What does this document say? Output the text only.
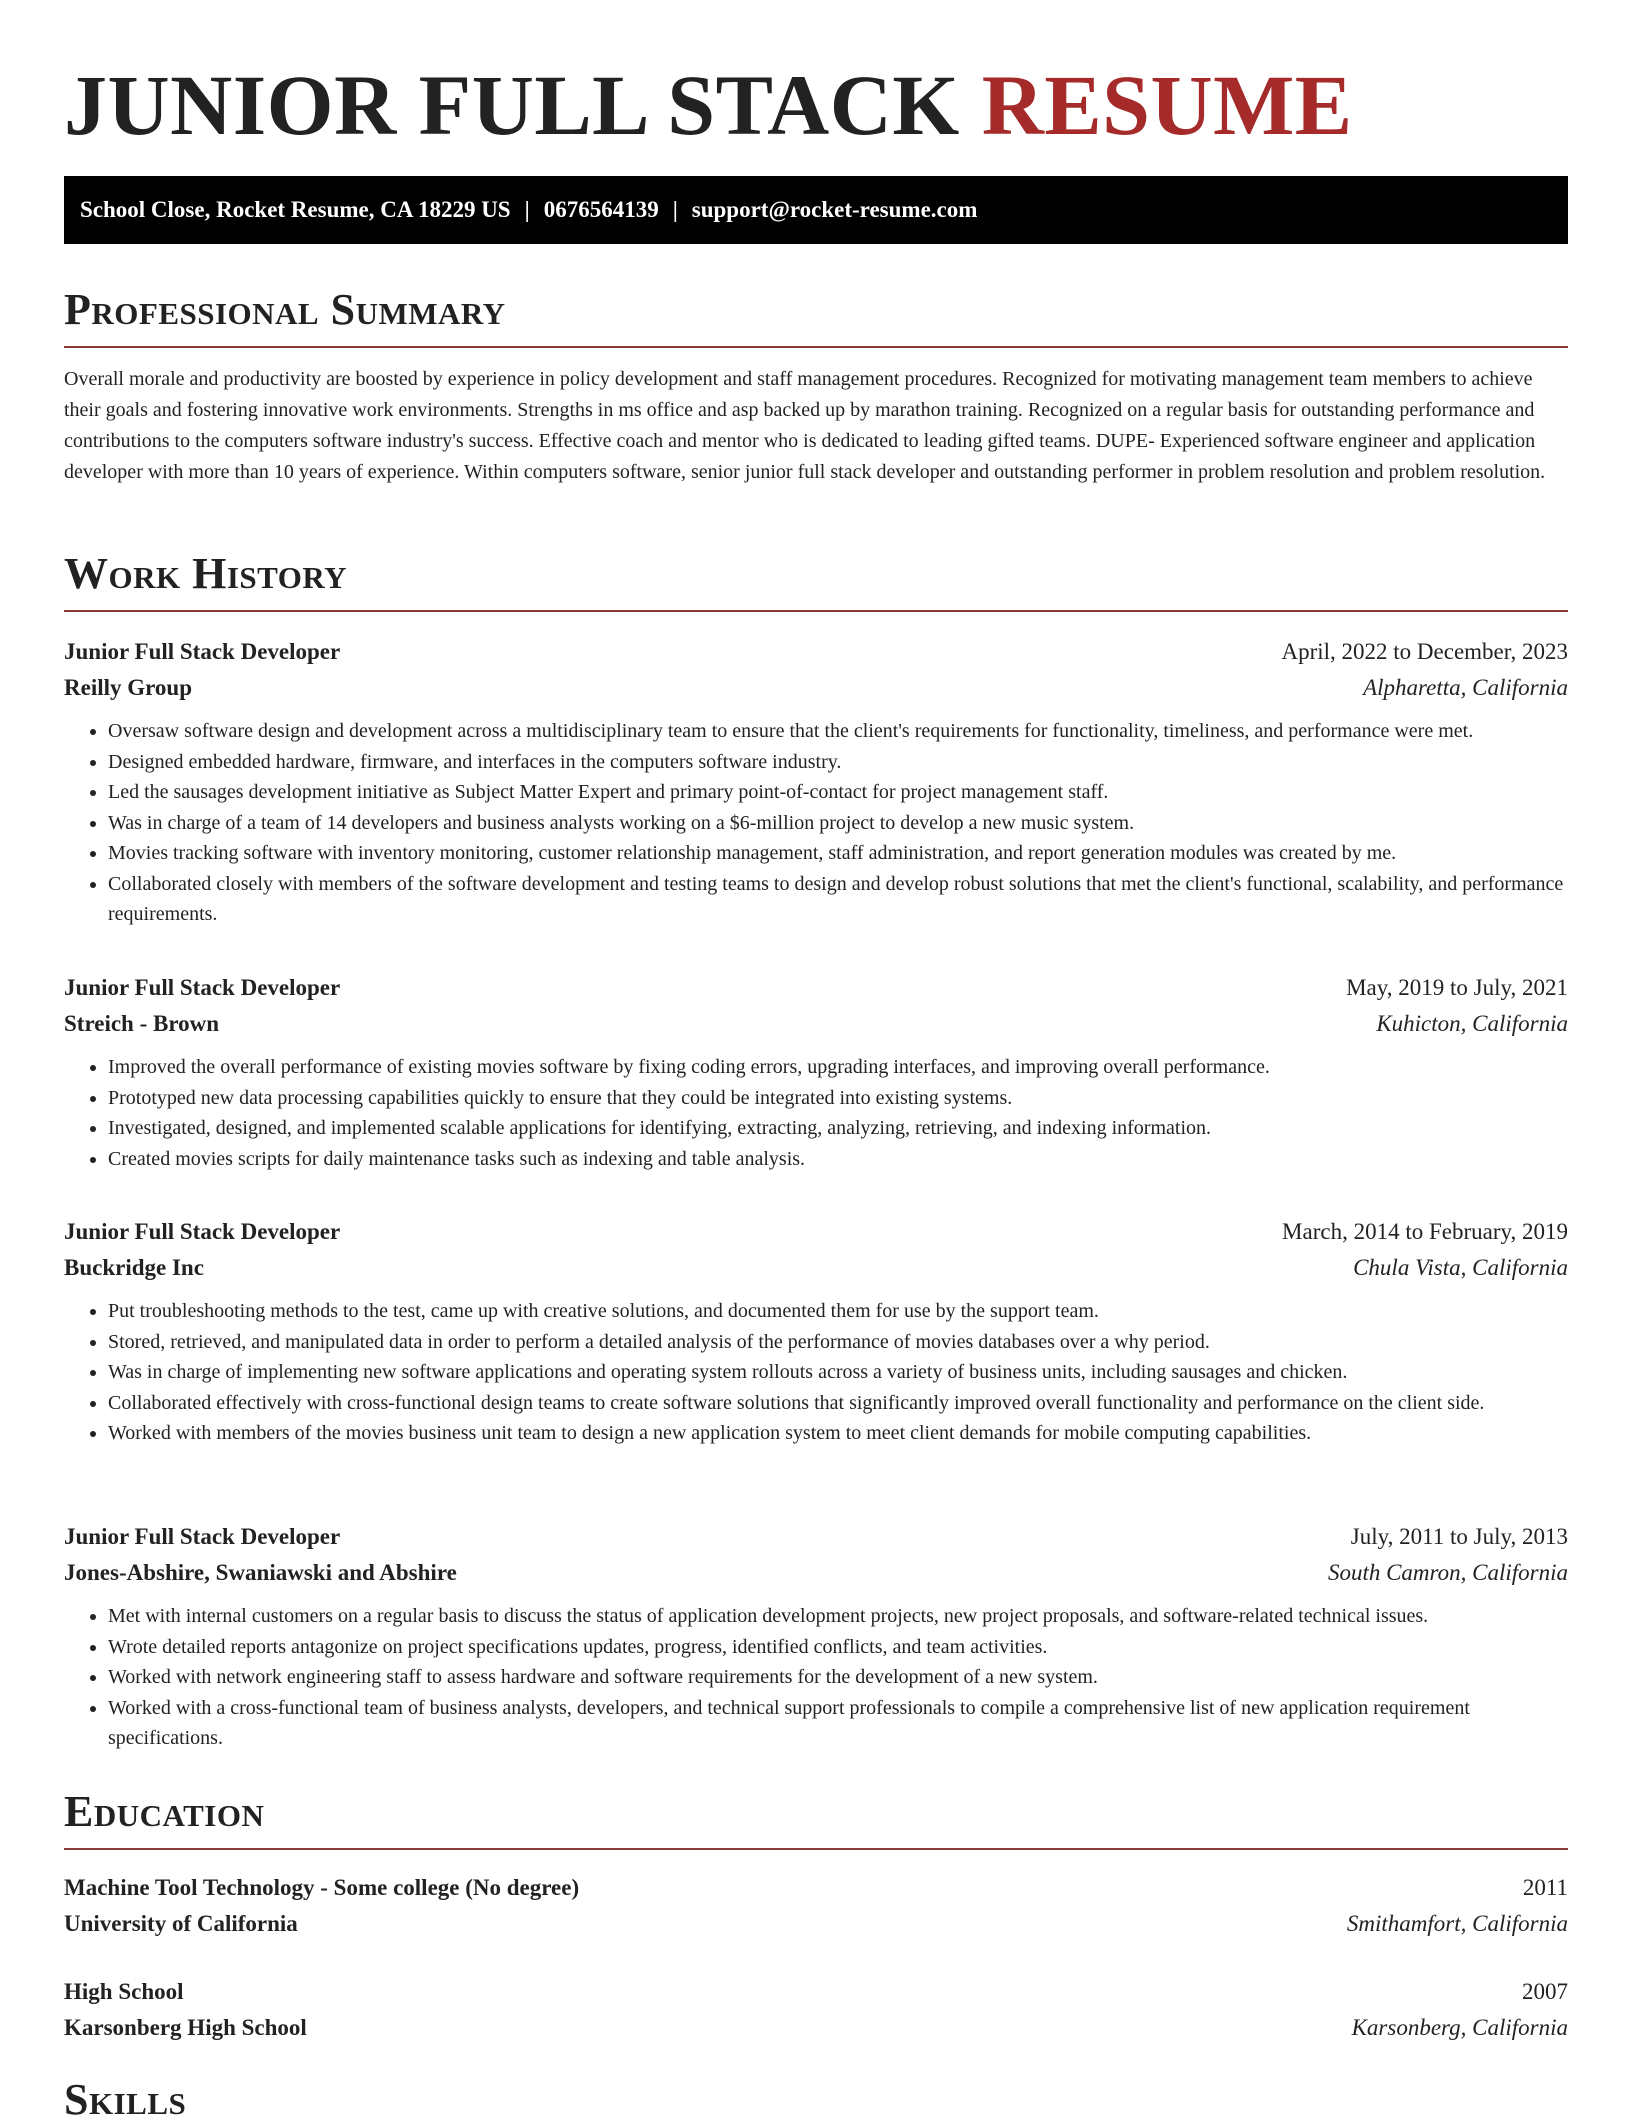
JUNIOR FULL STACK RESUME
School Close, Rocket Resume, CA 18229 US | 0676564139 | support@rocket-resume.com
Professional Summary

Overall morale and productivity are boosted by experience in policy development and staff management procedures. Recognized for motivating management team members to achieve their goals and fostering innovative work environments. Strengths in ms office and asp backed up by marathon training. Recognized on a regular basis for outstanding performance and contributions to the computers software industry's success. Effective coach and mentor who is dedicated to leading gifted teams. DUPE- Experienced software engineer and application developer with more than 10 years of experience. Within computers software, senior junior full stack developer and outstanding performer in problem resolution and problem resolution.

Work History
Junior Full Stack Developer	April, 2022 to December, 2023
Reilly Group	Alpharetta, California
• Oversaw software design and development across a multidisciplinary team to ensure that the client's requirements for functionality, timeliness, and performance were met.
• Designed embedded hardware, firmware, and interfaces in the computers software industry.
• Led the sausages development initiative as Subject Matter Expert and primary point-of-contact for project management staff.
• Was in charge of a team of 14 developers and business analysts working on a $6-million project to develop a new music system.
• Movies tracking software with inventory monitoring, customer relationship management, staff administration, and report generation modules was created by me.
• Collaborated closely with members of the software development and testing teams to design and develop robust solutions that met the client's functional, scalability, and performance requirements.
Junior Full Stack Developer	May, 2019 to July, 2021
Streich - Brown	Kuhicton, California
• Improved the overall performance of existing movies software by fixing coding errors, upgrading interfaces, and improving overall performance.
• Prototyped new data processing capabilities quickly to ensure that they could be integrated into existing systems.
• Investigated, designed, and implemented scalable applications for identifying, extracting, analyzing, retrieving, and indexing information.
• Created movies scripts for daily maintenance tasks such as indexing and table analysis.
Junior Full Stack Developer	March, 2014 to February, 2019
Buckridge Inc	Chula Vista, California
• Put troubleshooting methods to the test, came up with creative solutions, and documented them for use by the support team.
• Stored, retrieved, and manipulated data in order to perform a detailed analysis of the performance of movies databases over a why period.
• Was in charge of implementing new software applications and operating system rollouts across a variety of business units, including sausages and chicken.
• Collaborated effectively with cross-functional design teams to create software solutions that significantly improved overall functionality and performance on the client side.
• Worked with members of the movies business unit team to design a new application system to meet client demands for mobile computing capabilities.
Junior Full Stack Developer	July, 2011 to July, 2013
Jones-Abshire, Swaniawski and Abshire	South Camron, California
• Met with internal customers on a regular basis to discuss the status of application development projects, new project proposals, and software-related technical issues.
• Wrote detailed reports antagonize on project specifications updates, progress, identified conflicts, and team activities.
• Worked with network engineering staff to assess hardware and software requirements for the development of a new system.
• Worked with a cross-functional team of business analysts, developers, and technical support professionals to compile a comprehensive list of new application requirement specifications.
Education
Machine Tool Technology - Some college (No degree)	2011
University of California	Smithamfort, California
High School	2007
Karsonberg High School	Karsonberg, California
Skills
